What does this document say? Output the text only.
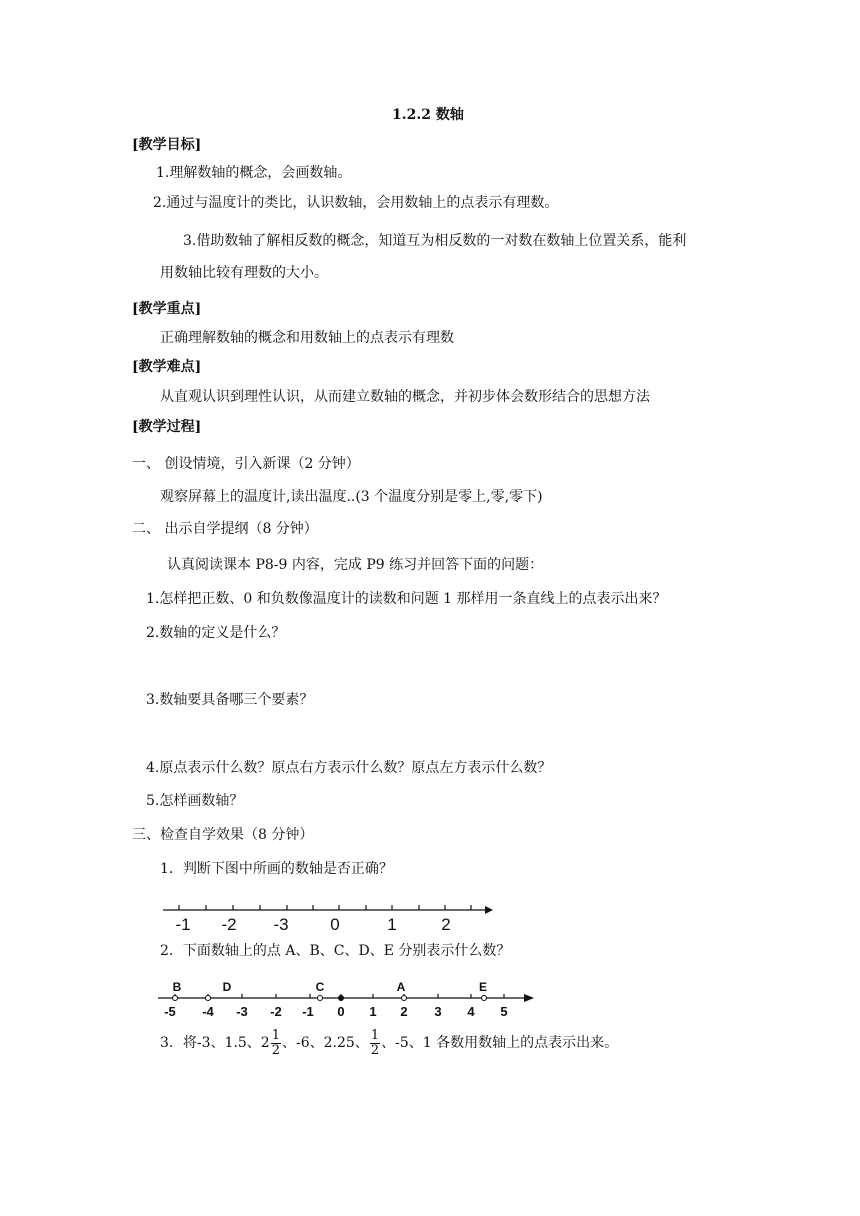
1.2.2 数轴
[教学目标]
1.理解数轴的概念，会画数轴。
2.通过与温度计的类比，认识数轴，会用数轴上的点表示有理数。
3.借助数轴了解相反数的概念，知道互为相反数的一对数在数轴上位置关系，能利
用数轴比较有理数的大小。
[教学重点]
正确理解数轴的概念和用数轴上的点表示有理数
[教学难点]
从直观认识到理性认识，从而建立数轴的概念，并初步体会数形结合的思想方法
[教学过程]
一、 创设情境，引入新课（2 分钟）
观察屏幕上的温度计,读出温度..(3 个温度分别是零上,零,零下)
二、 出示自学提纲（8 分钟）
认真阅读课本 P8-9 内容，完成 P9 练习并回答下面的问题：
1.怎样把正数、0 和负数像温度计的读数和问题 1 那样用一条直线上的点表示出来？
2.数轴的定义是什么？
3.数轴要具备哪三个要素？
4.原点表示什么数？原点右方表示什么数？原点左方表示什么数？
5.怎样画数轴？
三、检查自学效果（8 分钟）
1．判断下图中所画的数轴是否正确？
-1 -2 -3 0	1	2
2．下面数轴上的点 A、B、C、D、E 分别表示什么数？
B	D	C	A	E
-5 -4 -3 -2 -1 0 1 2 3 4 5
3．将-3、1.5、$2 \frac{1}{2}$ 、-6、2.25、 $\frac{1}{2}$ 、-5、1 各数用数轴上的点表示出来。
